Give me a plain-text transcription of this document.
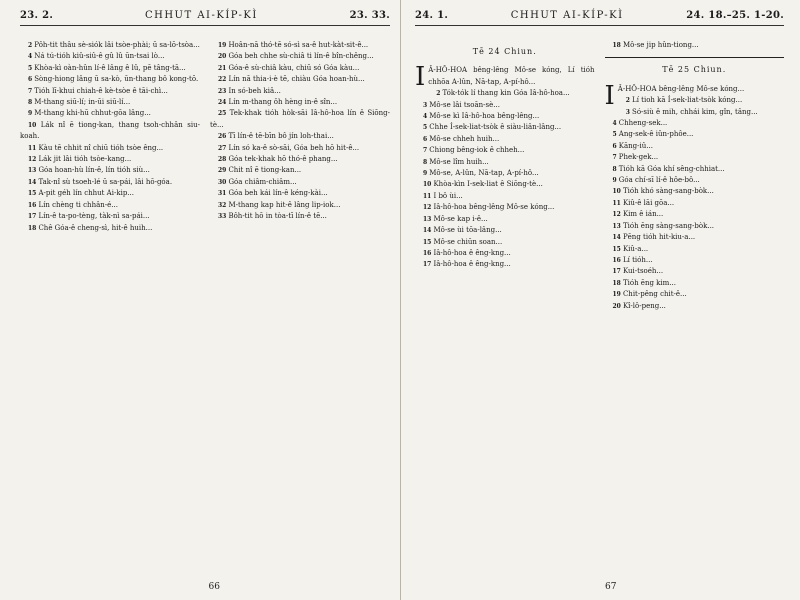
23. 2.	CHHUT AI-KÍP-KÌ	23. 33.

2 Pôh-tit thâu sè-siók lâi tsòe-phài; ū sa-lō-tsòa...

4 Ná tú-tióh kiû-siû-ê gû lû ūn-tsai lò...

5 Khòa-kì oàn-hûn lí-ê lâng ê lû, pē tâng-tā...

6 Sòng-hiong lâng ū sa-kò, ūn-thang bô kong-tō.

7 Tióh lī-khui chiah-ê kè-tsòe ê tāi-chì...

8 M-thang siū-lí; in-ūi siū-lí...

9 M-thang khi-hū chhut-gōa lâng...

10 Lák nî ē tiong-kan, thang tsoh-chhân siu-koah.

11 Kàu tē chhit nî chiū tióh tsòe êng...

12 Lák jit lâi tióh tsòe-kang...

13 Góa hoan-hù lín-ê, lín tióh siù...

14 Tak-nî sù tsoeh-lé ū sa-pái, lâi hō-góa.

15 A-pit géh lín chhut Ai-kip...

16 Lín chèng ti chhân-é...

17 Lín-ê ta-po-tèng, tàk-nì sa-pái...

18 Chê Góa-ê cheng-sì, hit-ê huih...

19 Hoân-nā thó-tē só-sì sa-ê hut-kàt-sit-ê...

20 Góa beh chhe sù-chiâ ti lín-ê bîn-chêng...

21 Góa-ê sù-chiâ kàu, chiū só Góa kàu...

22 Lín nā thia-i-è tē, chiàu Góa hoan-hù...

23 In só-beh kiâ...

24 Lín m-thang ǒh hèng in-ê sîn...

25 Tek-khak tióh hòk-sāi Iâ-hô-hoa lín ê Siōng-tè...

26 Tī lín-ê tē-bīn bô jín loh-thai...

27 Lín só ka-ê sò-sāi, Góa beh hō hit-ê...

28 Góa tek-khak hō thó-ê phang...

29 Chit nî ē tiong-kan...

30 Góa chiâm-chiâm...

31 Góa beh kái lín-ê kéng-kài...

32 M-thang kap hit-ê lâng lip-iok...

33 Bôh-tit hō in tòa-tī lín-ê tē...

66
24. 1.	CHHUT AI-KÍP-KÌ	24. 18.–25. 1-20.
Tē 24 Chiun.

I Â-HÔ-HOA bêng-lêng Mô-se kóng, Lí tióh chhōa A-lûn, Nā-tap, A-pí-hô...

2 Tók-tók lí thang kin Góa Iâ-hô-hoa...

3 Mô-se lâi tsoān-sè...

4 Mô-se kì Iâ-hô-hoa bêng-lêng...

5 Chhe Í-sek-liat-tsòk ê siàu-liân-lâng...

6 Mô-se chheh huih...

7 Chiong bêng-iok ê chheh...

8 Mô-se lîm huih...

9 Mô-se, A-lûn, Nā-tap, A-pí-hô...

10 Khòa-kìn I-sek-liat ê Siōng-tè...

11 I bô ùi...

12 Iâ-hô-hoa bêng-lêng Mô-se kóng...

13 Mô-se kap i-ê...

14 Mô-se ùi tōa-lâng...

15 Mô-se chiūn soan...

16 Iâ-hô-hoa ê êng-kng...

17 Iâ-hô-hoa ê êng-kng...

18 Mô-se jip hûn-tiong...

Tē 25 Chiun.

I Â-HÔ-HOA bêng-lêng Mô-se kóng...

2 Lí tioh kā Í-sek-liat-tsòk kóng...

3 Só-siù ê mih, chhái kim, gîn, tâng...

4 Chheng-sek...

5 Ang-sek-ê iûn-phôe...

6 Kāng-iû...

7 Phek-gek...

8 Tióh kā Góa khí sêng-chhiat...

9 Góa chí-sī lí-ê hôe-bô...

10 Tióh khó sàng-sang-bòk...

11 Kiû-ê lāi gōa...

12 Kim ê ián...

13 Tióh ēng sàng-sang-bòk...

14 Pēng tióh hit-kiu-a...

15 Kiû-a...

16 Lí tióh...

17 Kui-tsoéh...

18 Tióh ēng kim...

19 Chit-pêng chit-ê...

20 Kî-lô-peng...

67
